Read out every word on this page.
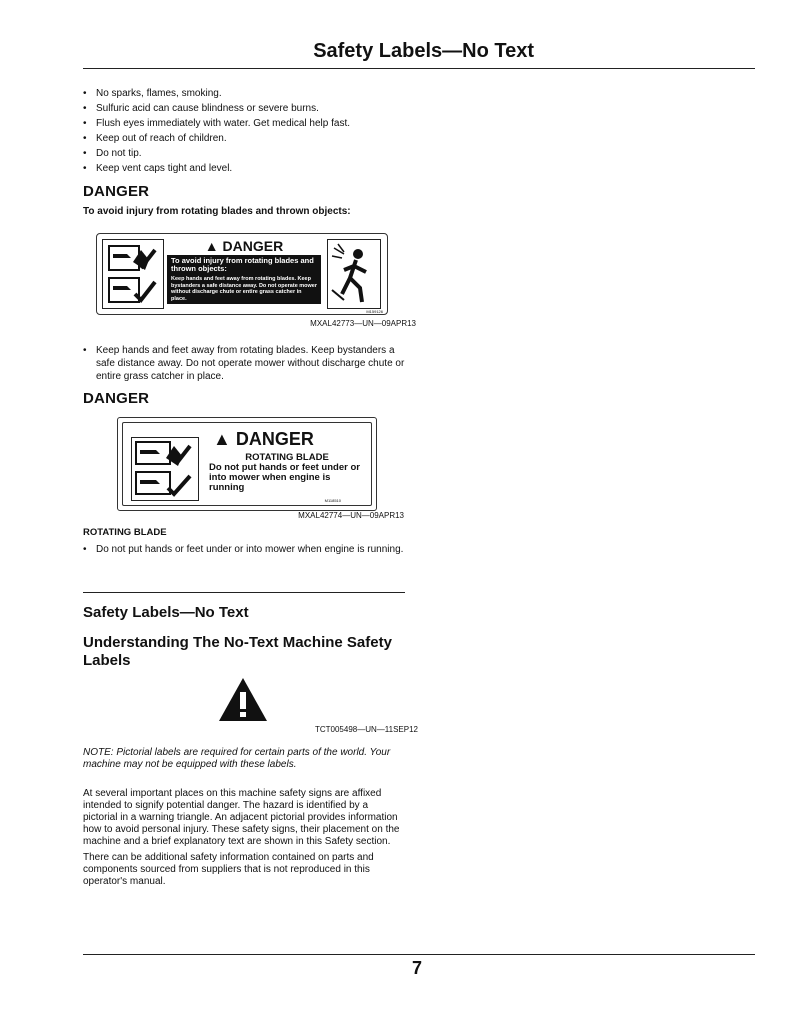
Safety Labels—No Text
• No sparks, flames, smoking.
• Sulfuric acid can cause blindness or severe burns.
• Flush eyes immediately with water. Get medical help fast.
• Keep out of reach of children.
• Do not tip.
• Keep vent caps tight and level.
DANGER
To avoid injury from rotating blades and thrown objects:
▲ DANGER
To avoid injury from rotating blades and thrown objects:
Keep hands and feet away from rotating blades. Keep bystanders a safe distance away. Do not operate mower without discharge chute or entire grass catcher in place.
M159126
MXAL42773—UN—09APR13
• Keep hands and feet away from rotating blades. Keep bystanders a safe distance away. Do not operate mower without discharge chute or entire grass catcher in place.
DANGER
▲ DANGER
ROTATING BLADE
Do not put hands or feet under or into mower when engine is running
M118510
MXAL42774—UN—09APR13
ROTATING BLADE
• Do not put hands or feet under or into mower when engine is running.
Safety Labels—No Text
Understanding The No-Text Machine Safety Labels
TCT005498—UN—11SEP12
NOTE: Pictorial labels are required for certain parts of the world. Your machine may not be equipped with these labels.
At several important places on this machine safety signs are affixed intended to signify potential danger. The hazard is identified by a pictorial in a warning triangle. An adjacent pictorial provides information how to avoid personal injury. These safety signs, their placement on the machine and a brief explanatory text are shown in this Safety section.
There can be additional safety information contained on parts and components sourced from suppliers that is not reproduced in this operator's manual.
7
